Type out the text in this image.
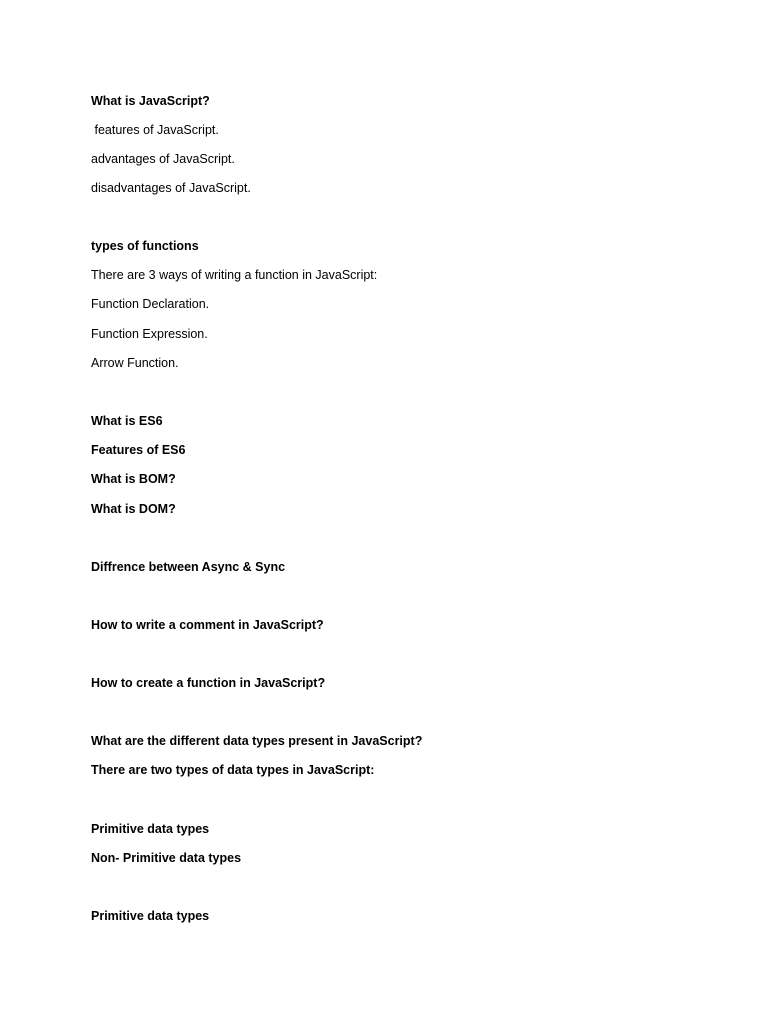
What is JavaScript?

features of JavaScript.

advantages of JavaScript.

disadvantages of JavaScript.

types of functions

There are 3 ways of writing a function in JavaScript:

Function Declaration.

Function Expression.

Arrow Function.

What is ES6

Features of ES6

What is BOM?

What is DOM?

Diffrence between Async & Sync

How to write a comment in JavaScript?

How to create a function in JavaScript?

What are the different data types present in JavaScript?

There are two types of data types in JavaScript:

Primitive data types

Non- Primitive data types

Primitive data types
